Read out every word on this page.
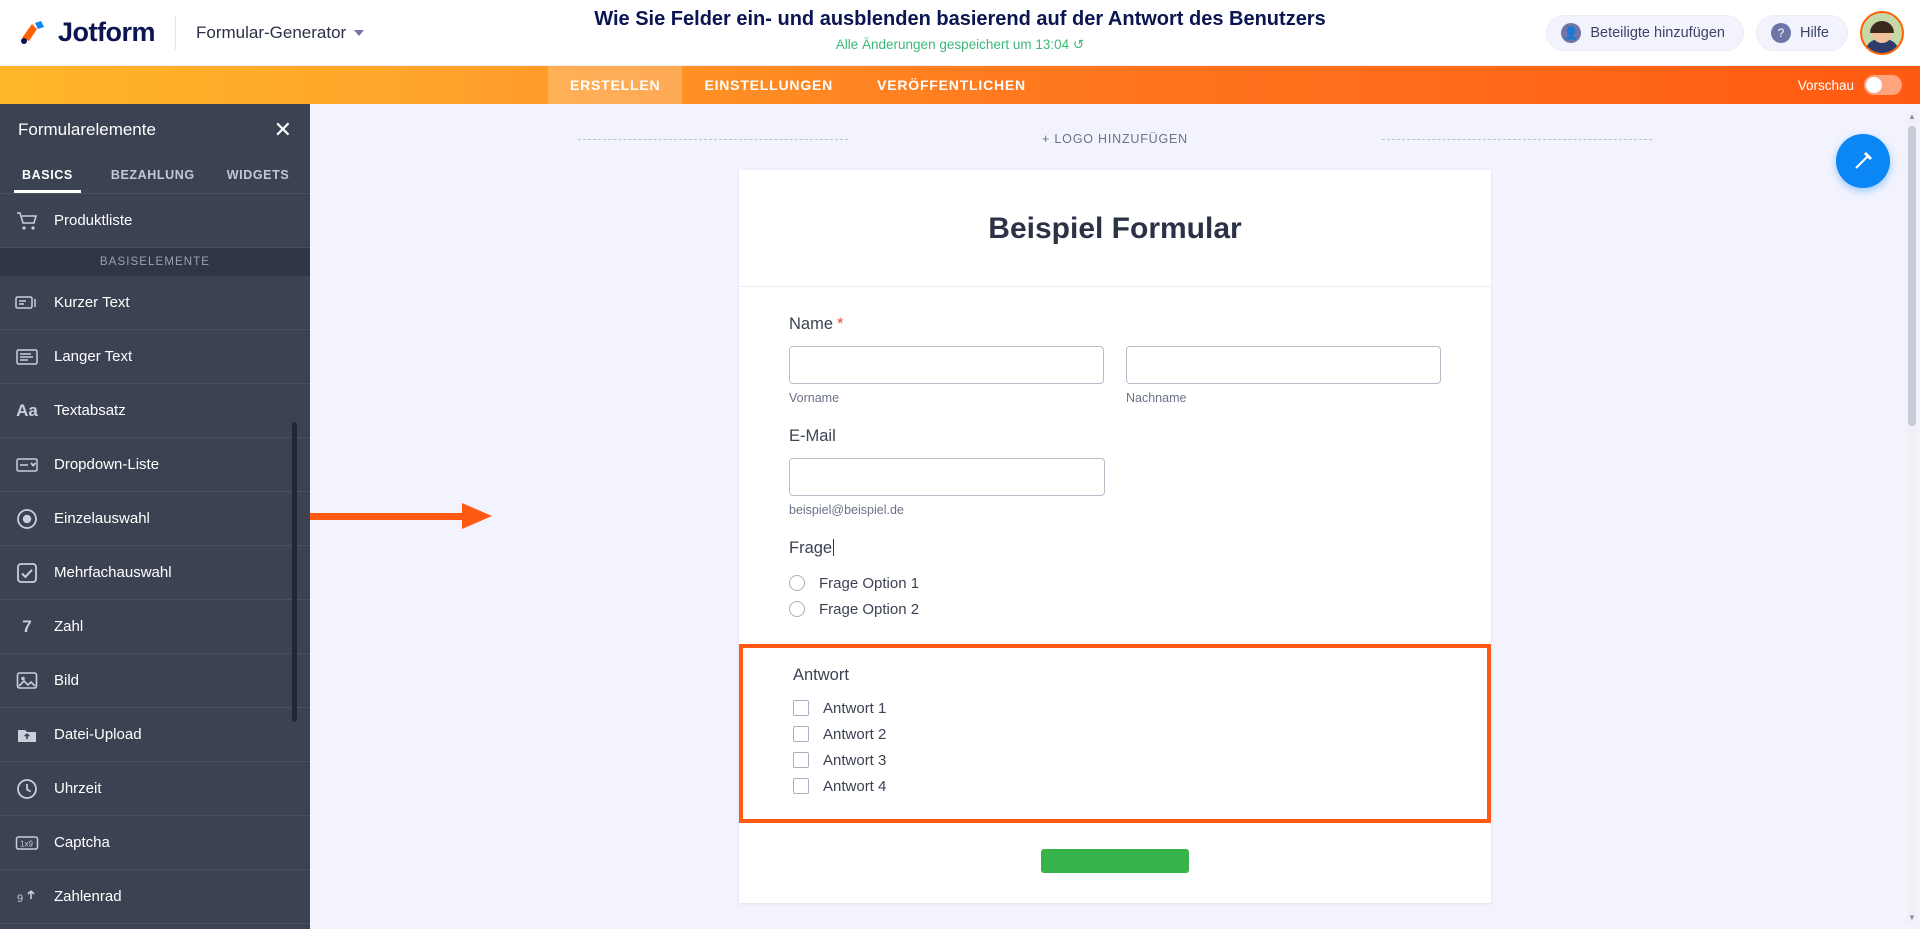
Jotform Formular-Generator
Wie Sie Felder ein- und ausblenden basierend auf der Antwort des Benutzers
Alle Änderungen gespeichert um 13:04 ↺
👤 Beteiligte hinzufügen	?	Hilfe
ERSTELLEN	EINSTELLUNGEN	VERÖFFENTLICHEN	Vorschau
Formularelemente	✕
BASICS	BEZAHLUNG	WIDGETS
Produktliste
BASISELEMENTE
Kurzer Text
Langer Text
Aa Textabsatz
Dropdown-Liste
Einzelauswahl
Mehrfachauswahl
7 Zahl
Bild
Datei-Upload
Uhrzeit
1x9 Captcha
9 Zahlenrad
+ LOGO HINZUFÜGEN
Beispiel Formular
Name *
Vorname	Nachname
E-Mail
beispiel@beispiel.de
Frage
Frage Option 1
Frage Option 2
Antwort
Antwort 1
Antwort 2
Antwort 3
Antwort 4
▲
▼
